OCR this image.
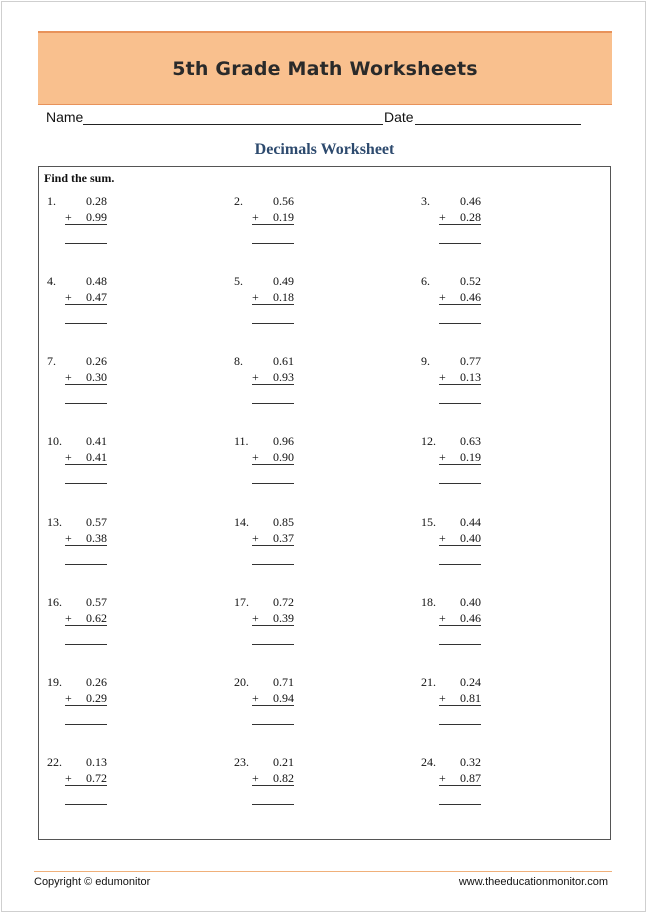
5th Grade Math Worksheets
Name	Date
Decimals Worksheet
Find the sum.
1.	0.28
+ 0.99
2.	0.56
+ 0.19
3.	0.46
+ 0.28
4.	0.48
+ 0.47
5.	0.49
+ 0.18
6.	0.52
+ 0.46
7.	0.26
+ 0.30
8.	0.61
+ 0.93
9.	0.77
+ 0.13
10. 0.41
+ 0.41
11. 0.96
+ 0.90
12. 0.63
+ 0.19
13. 0.57
+ 0.38
14. 0.85
+ 0.37
15. 0.44
+ 0.40
16. 0.57
+ 0.62
17. 0.72
+ 0.39
18. 0.40
+ 0.46
19. 0.26
+ 0.29
20. 0.71
+ 0.94
21. 0.24
+ 0.81
22. 0.13
+ 0.72
23. 0.21
+ 0.82
24. 0.32
+ 0.87
Copyright © edumonitor	www.theeducationmonitor.com
